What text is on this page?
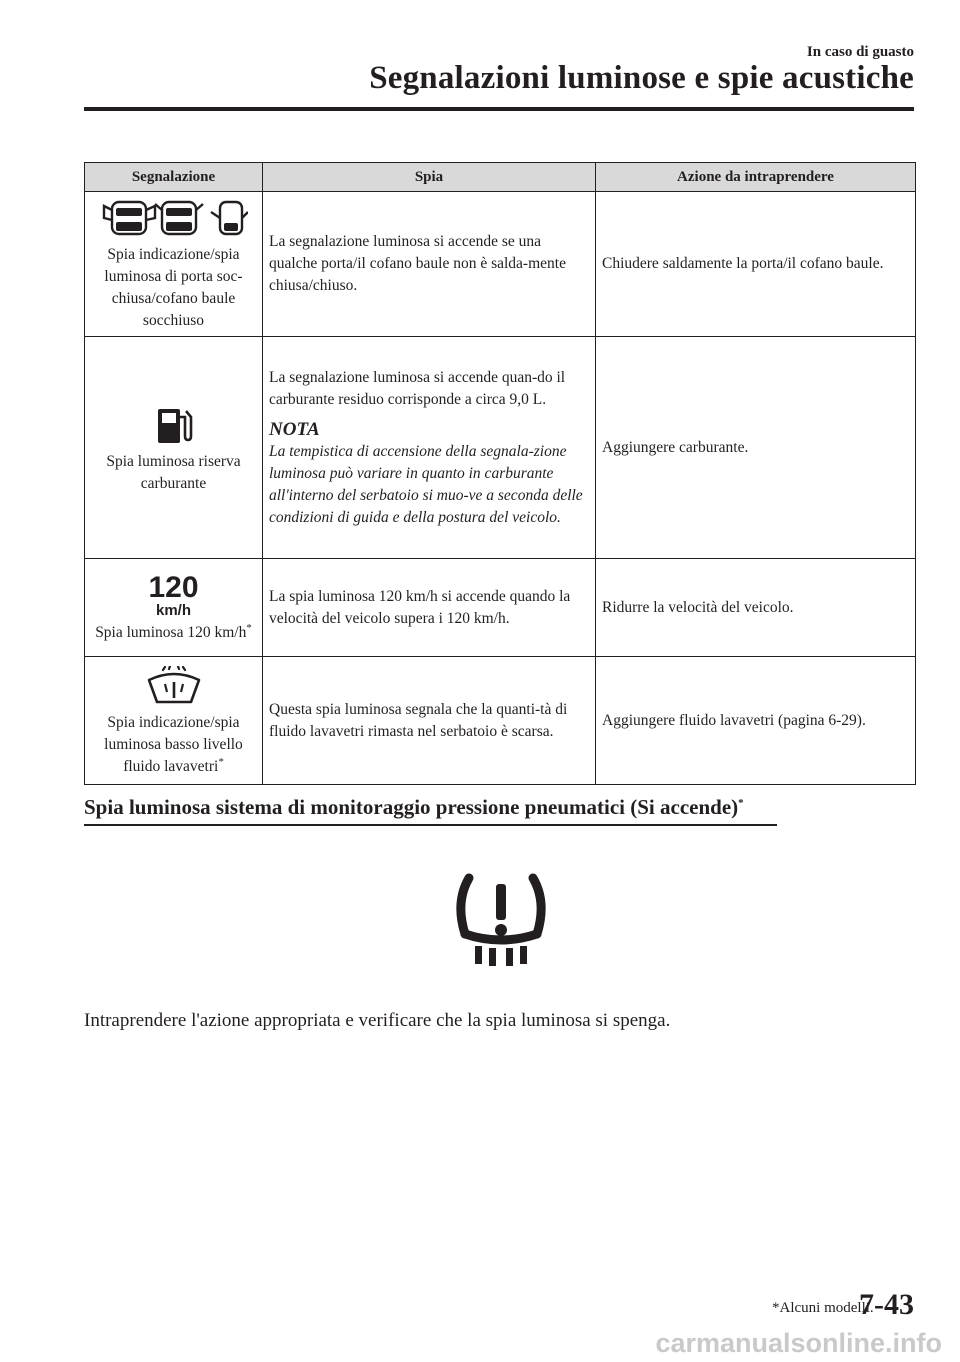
In caso di guasto
Segnalazioni luminose e spie acustiche
Segnalazione	Spia	Azione da intraprendere

Spia indicazione/spia luminosa di porta soc-chiusa/cofano baule socchiuso	La segnalazione luminosa si accende se una qualche porta/il cofano baule non è salda-mente chiusa/chiuso.	Chiudere saldamente la porta/il cofano baule.

Spia luminosa riserva carburante	La segnalazione luminosa si accende quan-do il carburante residuo corrisponde a circa 9,0 L.
NOTA
La tempistica di accensione della segnala-zione luminosa può variare in quanto in carburante all'interno del serbatoio si muo-ve a seconda delle condizioni di guida e della postura del veicolo.	Aggiungere carburante.

120
km/h
Spia luminosa 120 km/h*	La spia luminosa 120 km/h si accende quando la velocità del veicolo supera i 120 km/h.	Ridurre la velocità del veicolo.

Spia indicazione/spia luminosa basso livello fluido lavavetri*	Questa spia luminosa segnala che la quanti-tà di fluido lavavetri rimasta nel serbatoio è scarsa.	Aggiungere fluido lavavetri (pagina 6-29).
Spia luminosa sistema di monitoraggio pressione pneumatici (Si accende)*
Intraprendere l'azione appropriata e verificare che la spia luminosa si spenga.
*Alcuni modelli.
7-43
carmanualsonline.info
